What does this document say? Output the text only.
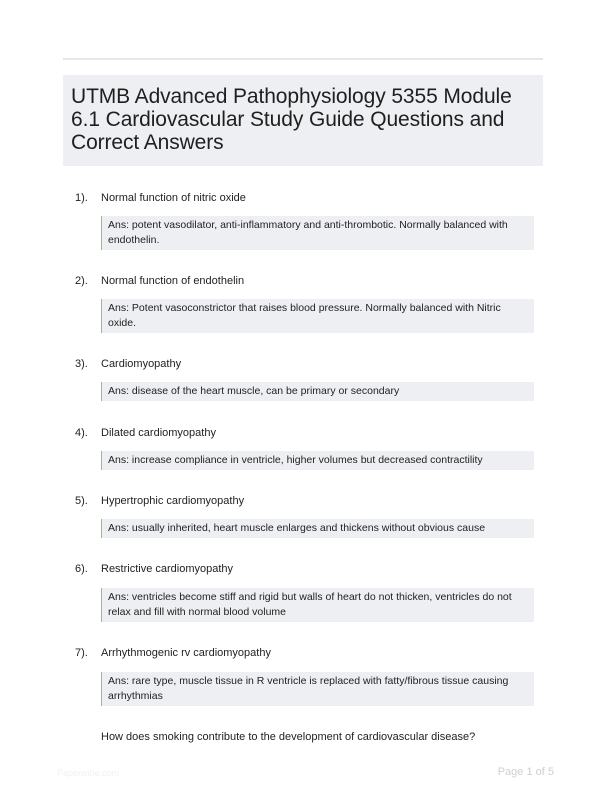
UTMB Advanced Pathophysiology 5355 Module 6.1 Cardiovascular Study Guide Questions and Correct Answers
1). Normal function of nitric oxide
Ans: potent vasodilator, anti-inflammatory and anti-thrombotic. Normally balanced with endothelin.
2). Normal function of endothelin
Ans: Potent vasoconstrictor that raises blood pressure. Normally balanced with Nitric oxide.
3). Cardiomyopathy
Ans: disease of the heart muscle, can be primary or secondary
4). Dilated cardiomyopathy
Ans: increase compliance in ventricle, higher volumes but decreased contractility
5). Hypertrophic cardiomyopathy
Ans: usually inherited, heart muscle enlarges and thickens without obvious cause
6). Restrictive cardiomyopathy
Ans: ventricles become stiff and rigid but walls of heart do not thicken, ventricles do not relax and fill with normal blood volume
7). Arrhythmogenic rv cardiomyopathy
Ans: rare type, muscle tissue in R ventricle is replaced with fatty/fibrous tissue causing arrhythmias
How does smoking contribute to the development of cardiovascular disease?
Paperwibe.com	Page 1 of 5
